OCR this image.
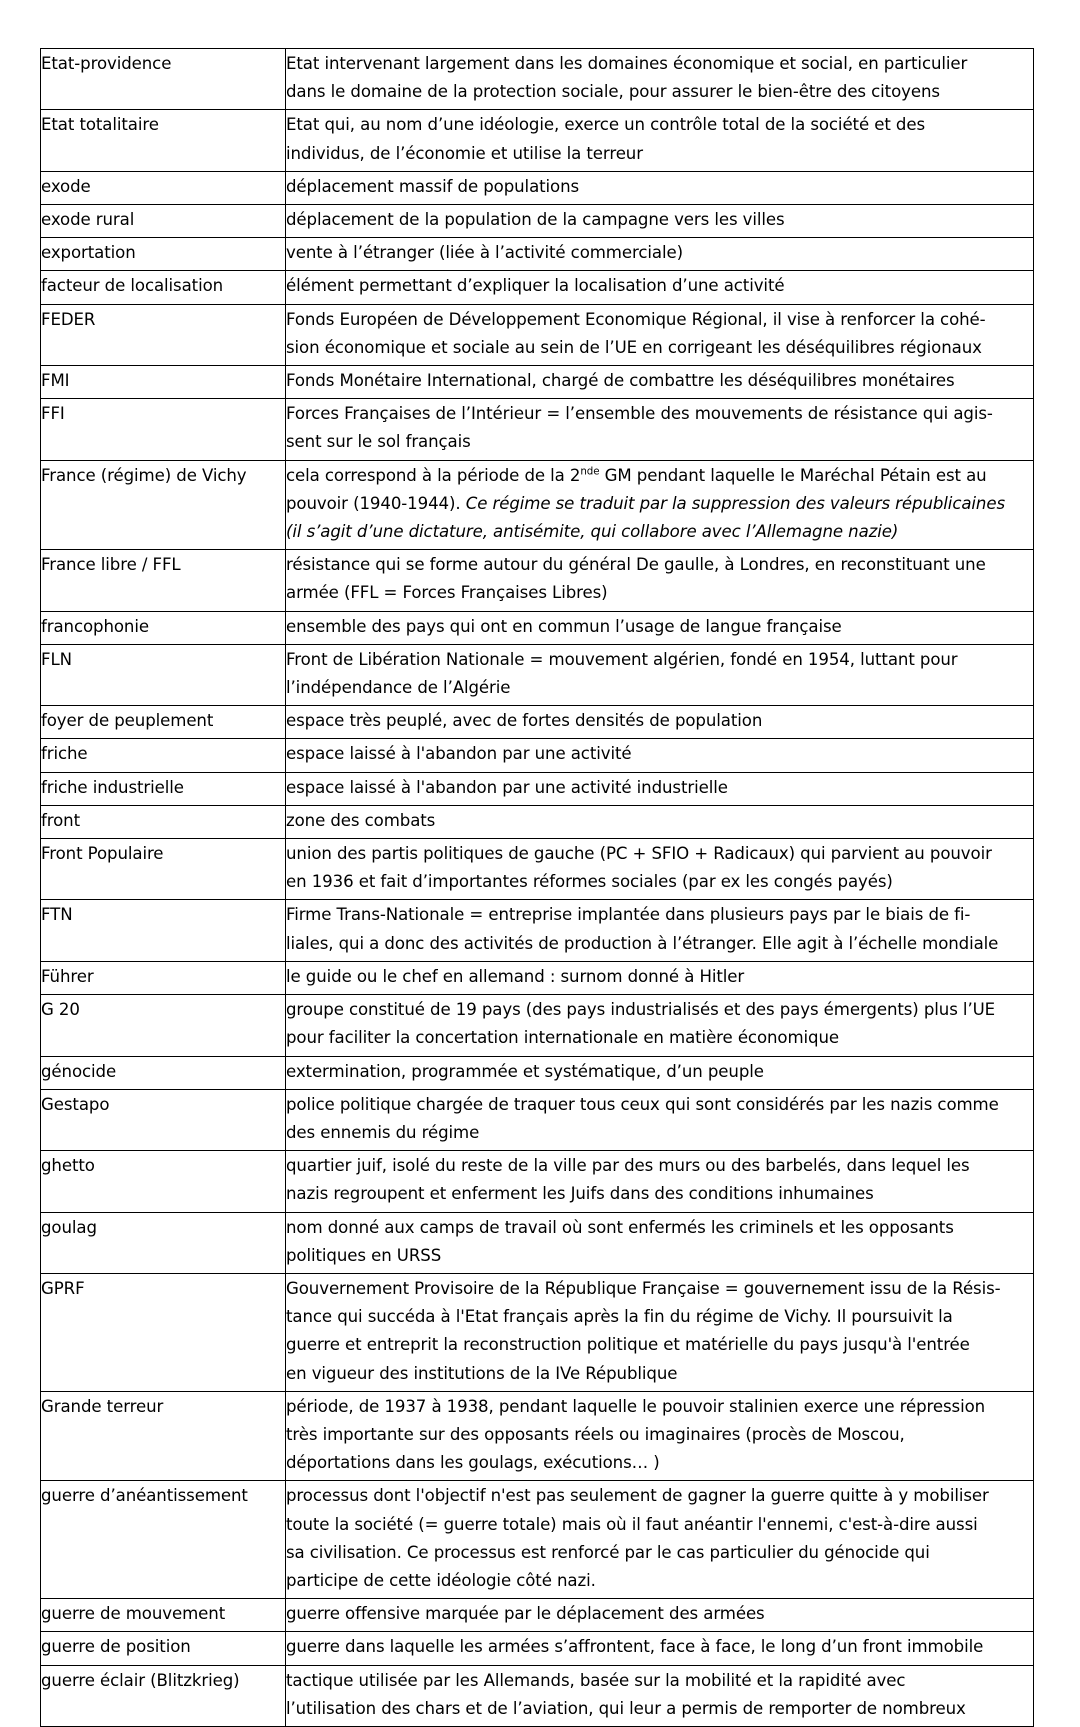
Etat-providence	Etat intervenant largement dans les domaines économique et social, en particulier
dans le domaine de la protection sociale, pour assurer le bien-être des citoyens

Etat totalitaire	Etat qui, au nom d’une idéologie, exerce un contrôle total de la société et des
individus, de l’économie et utilise la terreur

exode	déplacement massif de populations

exode rural	déplacement de la population de la campagne vers les villes

exportation	vente à l’étranger (liée à l’activité commerciale)

facteur de localisation	élément permettant d’expliquer la localisation d’une activité

FEDER	Fonds Européen de Développement Economique Régional, il vise à renforcer la cohé-
sion économique et sociale au sein de l’UE en corrigeant les déséquilibres régionaux

FMI	Fonds Monétaire International, chargé de combattre les déséquilibres monétaires

FFI	Forces Françaises de l’Intérieur = l’ensemble des mouvements de résistance qui agis-
sent sur le sol français

France (régime) de Vichy	cela correspond à la période de la 2nde GM pendant laquelle le Maréchal Pétain est au
pouvoir (1940-1944). Ce régime se traduit par la suppression des valeurs républicaines
(il s’agit d’une dictature, antisémite, qui collabore avec l’Allemagne nazie)

France libre / FFL	résistance qui se forme autour du général De gaulle, à Londres, en reconstituant une
armée (FFL = Forces Françaises Libres)

francophonie	ensemble des pays qui ont en commun l’usage de langue française

FLN	Front de Libération Nationale = mouvement algérien, fondé en 1954, luttant pour
l’indépendance de l’Algérie

foyer de peuplement	espace très peuplé, avec de fortes densités de population

friche	espace laissé à l'abandon par une activité

friche industrielle	espace laissé à l'abandon par une activité industrielle

front	zone des combats

Front Populaire	union des partis politiques de gauche (PC + SFIO + Radicaux) qui parvient au pouvoir
en 1936 et fait d’importantes réformes sociales (par ex les congés payés)

FTN	Firme Trans-Nationale = entreprise implantée dans plusieurs pays par le biais de fi-
liales, qui a donc des activités de production à l’étranger. Elle agit à l’échelle mondiale

Führer	le guide ou le chef en allemand : surnom donné à Hitler

G 20	groupe constitué de 19 pays (des pays industrialisés et des pays émergents) plus l’UE
pour faciliter la concertation internationale en matière économique

génocide	extermination, programmée et systématique, d’un peuple

Gestapo	police politique chargée de traquer tous ceux qui sont considérés par les nazis comme
des ennemis du régime

ghetto	quartier juif, isolé du reste de la ville par des murs ou des barbelés, dans lequel les
nazis regroupent et enferment les Juifs dans des conditions inhumaines

goulag	nom donné aux camps de travail où sont enfermés les criminels et les opposants
politiques en URSS

GPRF	Gouvernement Provisoire de la République Française = gouvernement issu de la Résis-
tance qui succéda à l'Etat français après la fin du régime de Vichy. Il poursuivit la
guerre et entreprit la reconstruction politique et matérielle du pays jusqu'à l'entrée
en vigueur des institutions de la IVe République

Grande terreur	période, de 1937 à 1938, pendant laquelle le pouvoir stalinien exerce une répression
très importante sur des opposants réels ou imaginaires (procès de Moscou,
déportations dans les goulags, exécutions… )

guerre d’anéantissement	processus dont l'objectif n'est pas seulement de gagner la guerre quitte à y mobiliser
toute la société (= guerre totale) mais où il faut anéantir l'ennemi, c'est-à-dire aussi
sa civilisation. Ce processus est renforcé par le cas particulier du génocide qui
participe de cette idéologie côté nazi.

guerre de mouvement	guerre offensive marquée par le déplacement des armées

guerre de position	guerre dans laquelle les armées s’affrontent, face à face, le long d’un front immobile

guerre éclair (Blitzkrieg)	tactique utilisée par les Allemands, basée sur la mobilité et la rapidité avec
l’utilisation des chars et de l’aviation, qui leur a permis de remporter de nombreux
